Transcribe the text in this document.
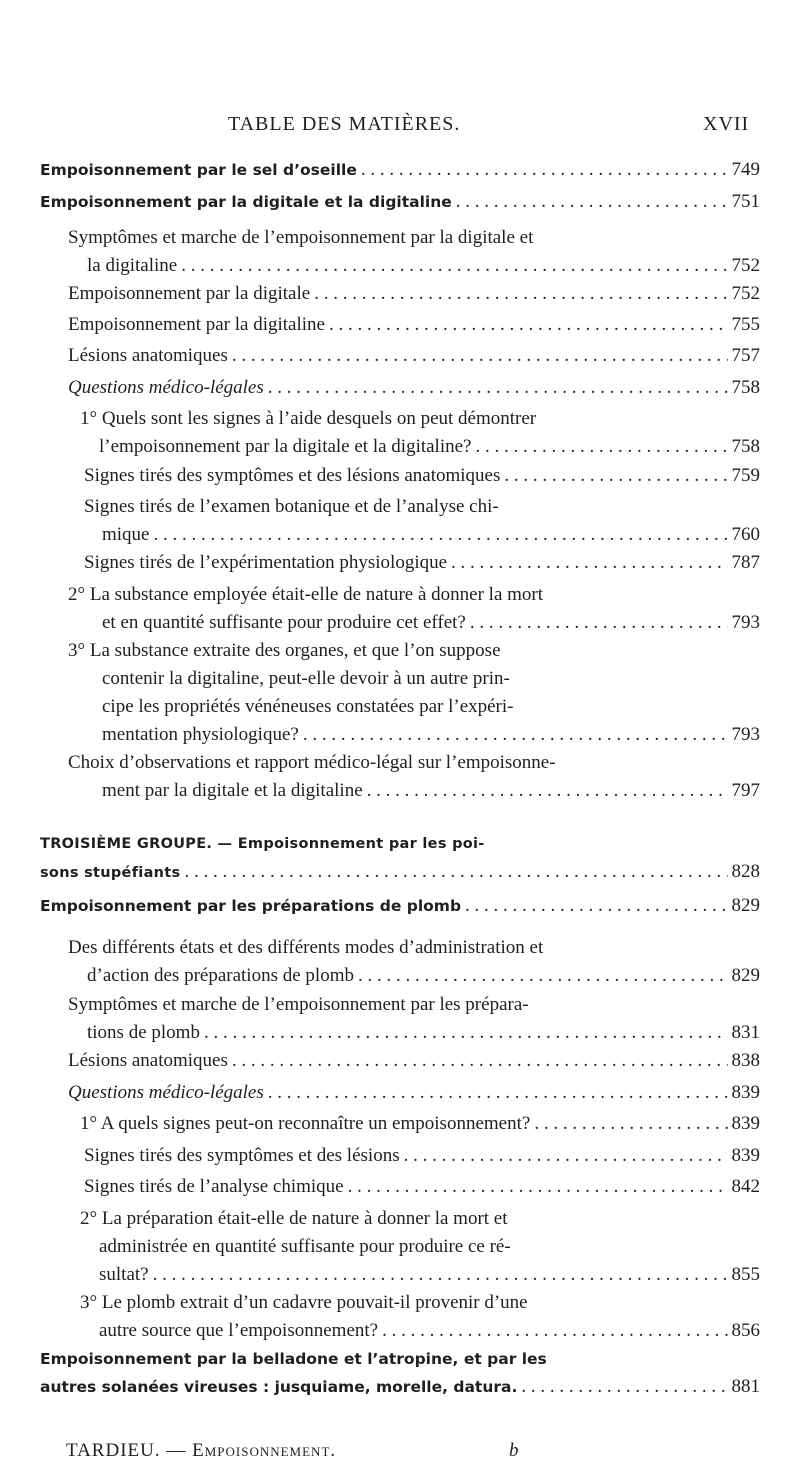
TABLE DES MATIÈRES.	XVII
Empoisonnement par le sel d’oseille . . .	749
Empoisonnement par la digitale et la digitaline . . .	751
Symptômes et marche de l’empoisonnement par la digitale et
la digitaline . . .	752
Empoisonnement par la digitale . . .	752
Empoisonnement par la digitaline . . .	755
Lésions anatomiques . . .	757
Questions médico-légales . . .	758
1° Quels sont les signes à l’aide desquels on peut démontrer
l’empoisonnement par la digitale et la digitaline? . . .	758
Signes tirés des symptômes et des lésions anatomiques . . .	759
Signes tirés de l’examen botanique et de l’analyse chi-
mique . . .	760
Signes tirés de l’expérimentation physiologique . . .	787
2° La substance employée était-elle de nature à donner la mort
et en quantité suffisante pour produire cet effet? . . .	793
3° La substance extraite des organes, et que l’on suppose
contenir la digitaline, peut-elle devoir à un autre prin-
cipe les propriétés vénéneuses constatées par l’expéri-
mentation physiologique? . . .	793
Choix d’observations et rapport médico-légal sur l’empoisonne-
ment par la digitale et la digitaline . . .	797
TROISIÈME GROUPE. — Empoisonnement par les poi-
sons stupéfiants . . .	828
Empoisonnement par les préparations de plomb . . .	829
Des différents états et des différents modes d’administration et
d’action des préparations de plomb . . .	829
Symptômes et marche de l’empoisonnement par les prépara-
tions de plomb . . .	831
Lésions anatomiques . . .	838
Questions médico-légales . . .	839
1° A quels signes peut-on reconnaître un empoisonnement? . . .	839
Signes tirés des symptômes et des lésions . . .	839
Signes tirés de l’analyse chimique . . .	842
2° La préparation était-elle de nature à donner la mort et
administrée en quantité suffisante pour produire ce ré-
sultat? . . .	855
3° Le plomb extrait d’un cadavre pouvait-il provenir d’une
autre source que l’empoisonnement? . . .	856
Empoisonnement par la belladone et l’atropine, et par les
autres solanées vireuses : jusquiame, morelle, datura. . . .	881
TARDIEU. — Empoisonnement.	b
